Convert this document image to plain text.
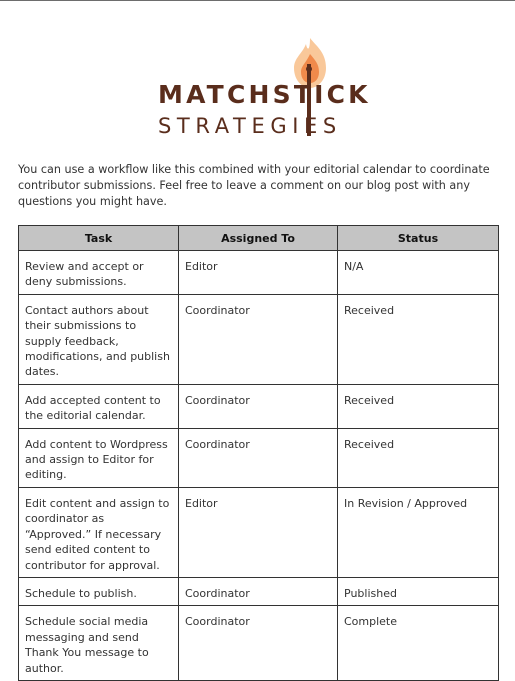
MATCHSTICK
STRATEGIES
You can use a workflow like this combined with your editorial calendar to coordinate contributor submissions. Feel free to leave a comment on our blog post with any questions you might have.
Task	Assigned To	Status
Review and accept or deny submissions.	Editor	N/A
Contact authors about their submissions to supply feedback, modifications, and publish dates.	Coordinator	Received
Add accepted content to the editorial calendar.	Coordinator	Received
Add content to Wordpress and assign to Editor for editing.	Coordinator	Received
Edit content and assign to coordinator as “Approved.” If necessary send edited content to contributor for approval.	Editor	In Revision / Approved
Schedule to publish.	Coordinator	Published
Schedule social media messaging and send Thank You message to author.	Coordinator	Complete
